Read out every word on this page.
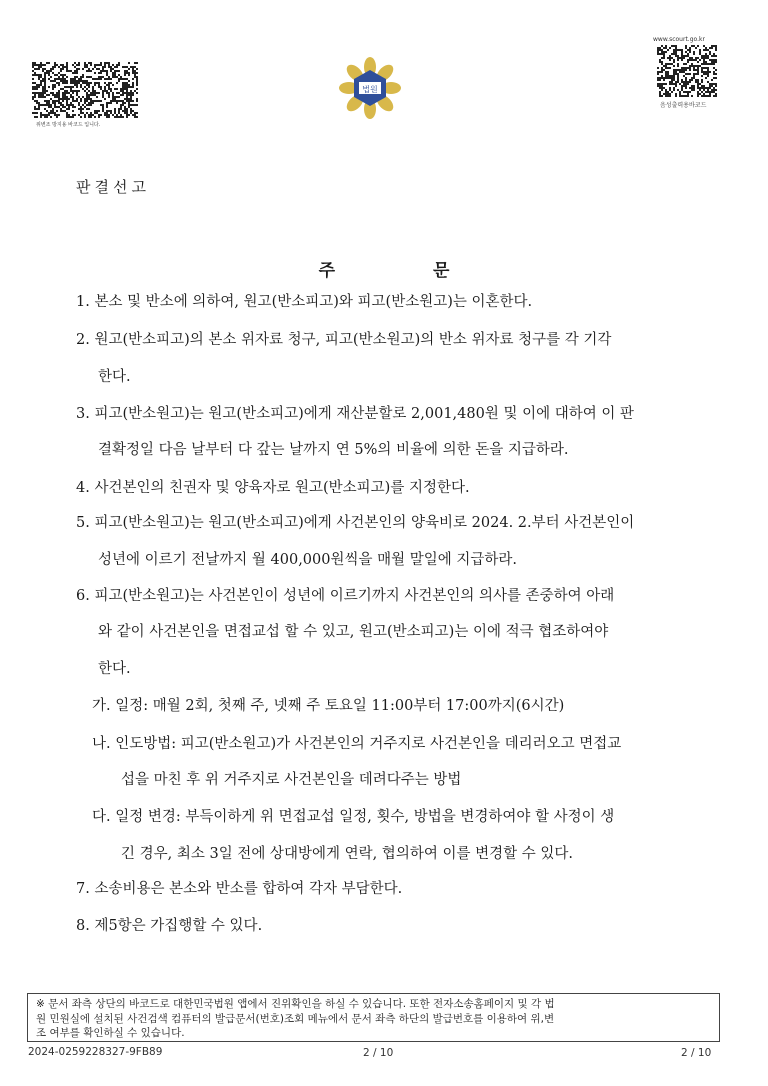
위변조 방지용 바코드 입니다.
법원
www.scourt.go.kr
음성출력용바코드
판결선고
주 문
1. 본소 및 반소에 의하여, 원고(반소피고)와 피고(반소원고)는 이혼한다.
2. 원고(반소피고)의 본소 위자료 청구, 피고(반소원고)의 반소 위자료 청구를 각 기각
한다.
3. 피고(반소원고)는 원고(반소피고)에게 재산분할로 2,001,480원 및 이에 대하여 이 판
결확정일 다음 날부터 다 갚는 날까지 연 5%의 비율에 의한 돈을 지급하라.
4. 사건본인의 친권자 및 양육자로 원고(반소피고)를 지정한다.
5. 피고(반소원고)는 원고(반소피고)에게 사건본인의 양육비로 2024. 2.부터 사건본인이
성년에 이르기 전날까지 월 400,000원씩을 매월 말일에 지급하라.
6. 피고(반소원고)는 사건본인이 성년에 이르기까지 사건본인의 의사를 존중하여 아래
와 같이 사건본인을 면접교섭 할 수 있고, 원고(반소피고)는 이에 적극 협조하여야
한다.
가. 일정: 매월 2회, 첫째 주, 넷째 주 토요일 11:00부터 17:00까지(6시간)
나. 인도방법: 피고(반소원고)가 사건본인의 거주지로 사건본인을 데리러오고 면접교
섭을 마친 후 위 거주지로 사건본인을 데려다주는 방법
다. 일정 변경: 부득이하게 위 면접교섭 일정, 횟수, 방법을 변경하여야 할 사정이 생
긴 경우, 최소 3일 전에 상대방에게 연락, 협의하여 이를 변경할 수 있다.
7. 소송비용은 본소와 반소를 합하여 각자 부담한다.
8. 제5항은 가집행할 수 있다.
※ 문서 좌측 상단의 바코드로 대한민국법원 앱에서 진위확인을 하실 수 있습니다. 또한 전자소송홈페이지 및 각 법
원 민원실에 설치된 사건검색 컴퓨터의 발급문서(번호)조회 메뉴에서 문서 좌측 하단의 발급번호를 이용하여 위,변
조 여부를 확인하실 수 있습니다.
2024-0259228327-9FB89	2 / 10	2 / 10
